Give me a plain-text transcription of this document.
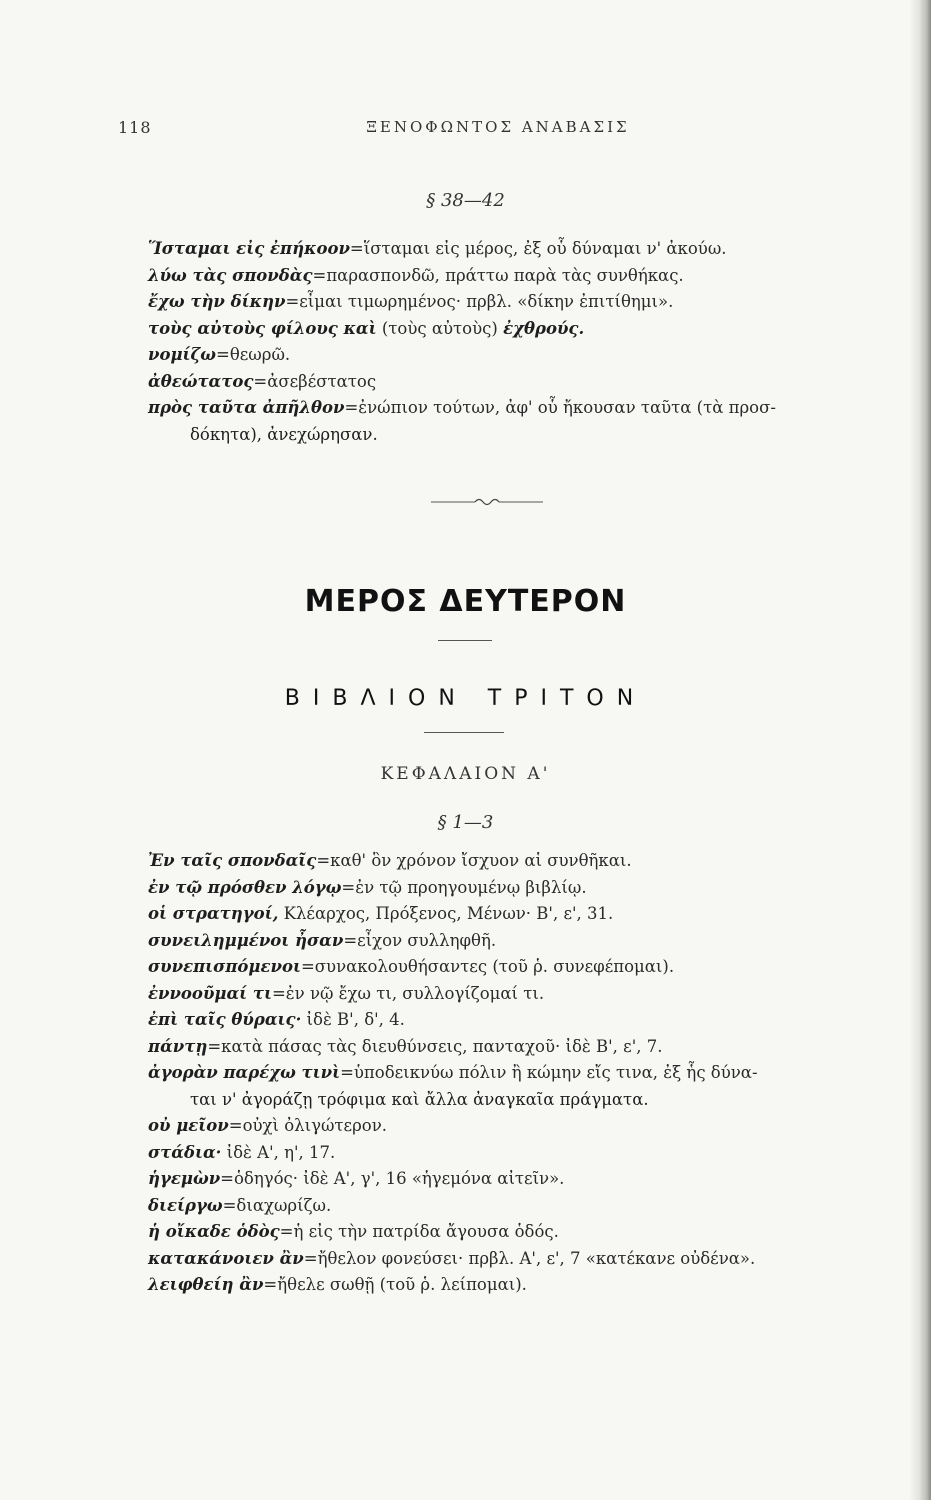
118	ΞΕΝΟΦΩΝΤΟΣ ΑΝΑΒΑΣΙΣ
§ 38—42
Ἵσταμαι εἰς ἐπήκοον=ἵσταμαι εἰς μέρος, ἐξ οὗ δύναμαι ν' ἀκούω.
λύω τὰς σπονδὰς=παρασπονδῶ, πράττω παρὰ τὰς συνθήκας.
ἔχω τὴν δίκην=εἶμαι τιμωρημένος· πρβλ. «δίκην ἐπιτίθημι».
τοὺς αὐτοὺς φίλους καὶ (τοὺς αὐτοὺς) ἐχθρούς.
νομίζω=θεωρῶ.
ἀθεώτατος=ἀσεβέστατος
πρὸς ταῦτα ἀπῆλθον=ἐνώπιον τούτων, ἀφ' οὗ ἤκουσαν ταῦτα (τὰ προσ-
δόκητα), ἀνεχώρησαν.
ΜΕΡΟΣ ΔΕΥΤΕΡΟΝ
ΒΙΒΛΙΟΝ ΤΡΙΤΟΝ
ΚΕΦΑΛΑΙΟΝ Α'
§ 1—3
Ἐν ταῖς σπονδαῖς=καθ' ὃν χρόνον ἴσχυον αἱ συνθῆκαι.
ἐν τῷ πρόσθεν λόγῳ=ἐν τῷ προηγουμένῳ βιβλίῳ.
οἱ στρατηγοί, Κλέαρχος, Πρόξενος, Μένων· Β', ε', 31.
συνειλημμένοι ἦσαν=εἶχον συλληφθῆ.
συνεπισπόμενοι=συνακολουθήσαντες (τοῦ ῥ. συνεφέπομαι).
ἐννοοῦμαί τι=ἐν νῷ ἔχω τι, συλλογίζομαί τι.
ἐπὶ ταῖς θύραις· ἰδὲ Β', δ', 4.
πάντῃ=κατὰ πάσας τὰς διευθύνσεις, πανταχοῦ· ἰδὲ Β', ε', 7.
ἀγορὰν παρέχω τινὶ=ὑποδεικνύω πόλιν ἢ κώμην εἴς τινα, ἐξ ἧς δύνα-
ται ν' ἀγοράζῃ τρόφιμα καὶ ἄλλα ἀναγκαῖα πράγματα.
οὐ μεῖον=οὐχὶ ὀλιγώτερον.
στάδια· ἰδὲ Α', η', 17.
ἡγεμὼν=ὁδηγός· ἰδὲ Α', γ', 16 «ἡγεμόνα αἰτεῖν».
διείργω=διαχωρίζω.
ἡ οἴκαδε ὁδὸς=ἡ εἰς τὴν πατρίδα ἄγουσα ὁδός.
κατακάνοιεν ἂν=ἤθελον φονεύσει· πρβλ. Α', ε', 7 «κατέκανε οὐδένα».
λειφθείη ἂν=ἤθελε σωθῇ (τοῦ ῥ. λείπομαι).
